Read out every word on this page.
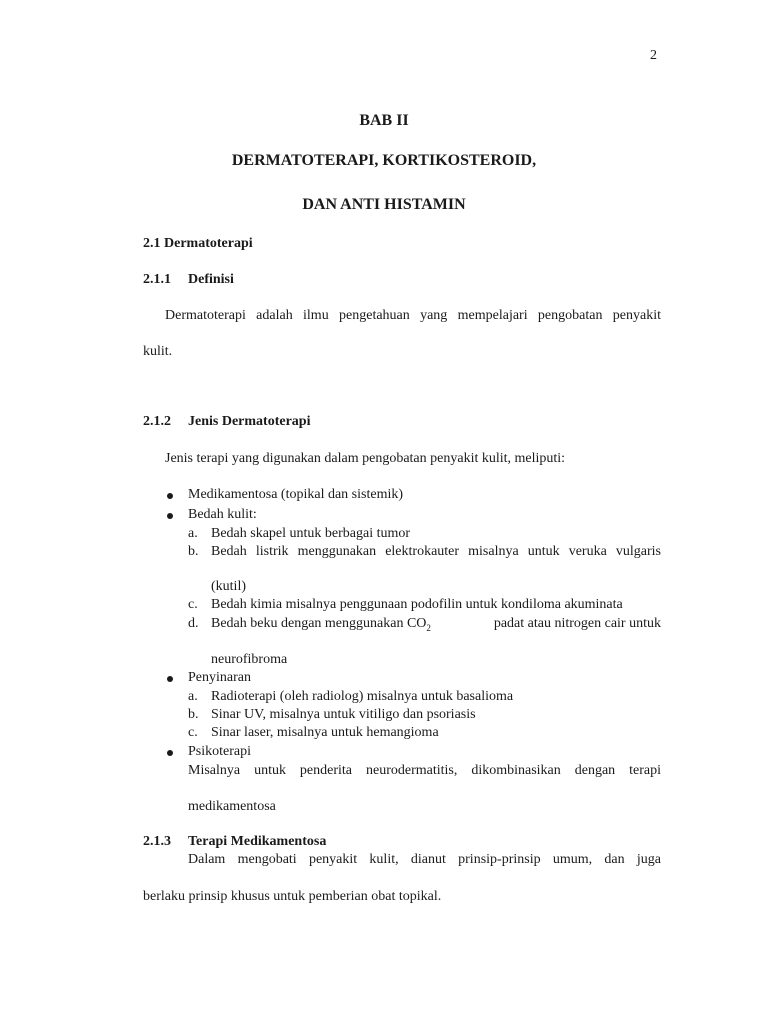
2
BAB II
DERMATOTERAPI, KORTIKOSTEROID,
DAN ANTI HISTAMIN
2.1 Dermatoterapi
2.1.1 Definisi
Dermatoterapi adalah ilmu pengetahuan yang mempelajari pengobatan penyakit
kulit.
2.1.2 Jenis Dermatoterapi
Jenis terapi yang digunakan dalam pengobatan penyakit kulit, meliputi:
Medikamentosa (topikal dan sistemik)
Bedah kulit:
a. Bedah skapel untuk berbagai tumor
b. Bedah listrik menggunakan elektrokauter misalnya untuk veruka vulgaris
(kutil)
c. Bedah kimia misalnya penggunaan podofilin untuk kondiloma akuminata
d. Bedah beku dengan menggunakan $CO_2$	padat atau nitrogen cair untuk
neurofibroma
Penyinaran
a. Radioterapi (oleh radiolog) misalnya untuk basalioma
b. Sinar UV, misalnya untuk vitiligo dan psoriasis
c. Sinar laser, misalnya untuk hemangioma
Psikoterapi
Misalnya untuk penderita neurodermatitis, dikombinasikan dengan terapi
medikamentosa
2.1.3 Terapi Medikamentosa
Dalam mengobati penyakit kulit, dianut prinsip-prinsip umum, dan juga
berlaku prinsip khusus untuk pemberian obat topikal.
